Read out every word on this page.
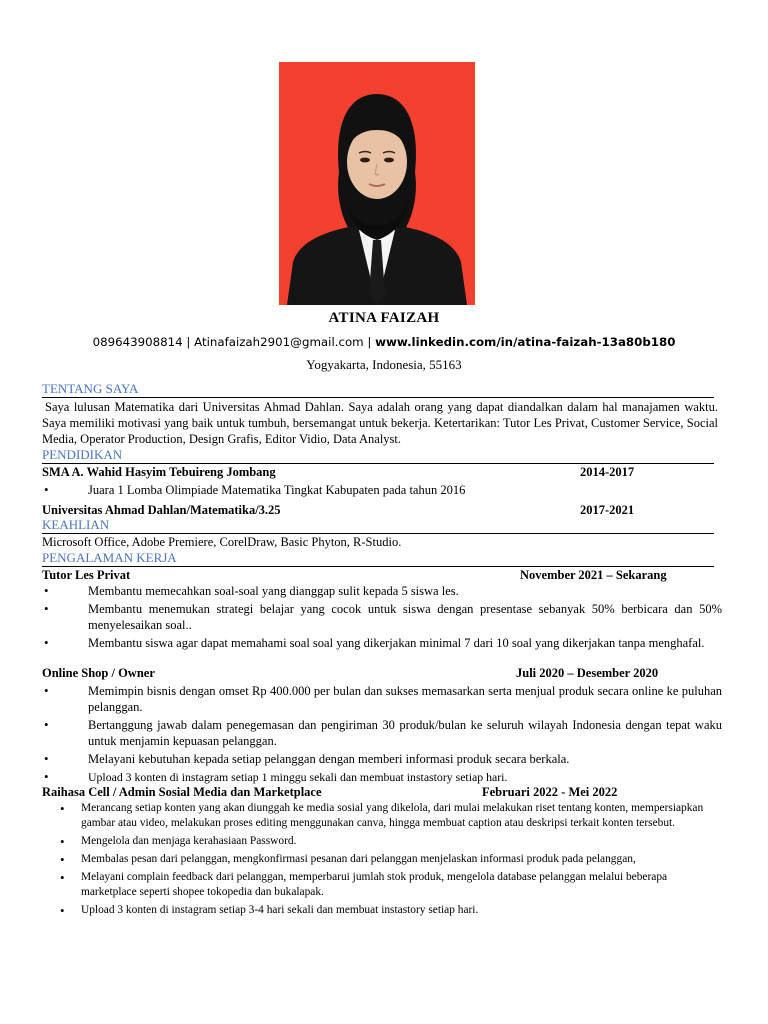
ATINA FAIZAH
089643908814 | Atinafaizah2901@gmail.com | www.linkedin.com/in/atina-faizah-13a80b180
Yogyakarta, Indonesia, 55163
TENTANG SAYA
Saya lulusan Matematika dari Universitas Ahmad Dahlan. Saya adalah orang yang dapat diandalkan dalam hal manajamen waktu. Saya memiliki motivasi yang baik untuk tumbuh, bersemangat untuk bekerja. Ketertarikan: Tutor Les Privat, Customer Service, Social Media, Operator Production, Design Grafis, Editor Vidio, Data Analyst.
PENDIDIKAN
SMA A. Wahid Hasyim Tebuireng Jombang	2014-2017
• Juara 1 Lomba Olimpiade Matematika Tingkat Kabupaten pada tahun 2016
Universitas Ahmad Dahlan/Matematika/3.25	2017-2021
KEAHLIAN
Microsoft Office, Adobe Premiere, CorelDraw, Basic Phyton, R-Studio.
PENGALAMAN KERJA
Tutor Les Privat	November 2021 – Sekarang
• Membantu memecahkan soal-soal yang dianggap sulit kepada 5 siswa les.
• Membantu menemukan strategi belajar yang cocok untuk siswa dengan presentase sebanyak 50% berbicara dan 50% menyelesaikan soal..
• Membantu siswa agar dapat memahami soal soal yang dikerjakan minimal 7 dari 10 soal yang dikerjakan tanpa menghafal.
Online Shop / Owner	Juli 2020 – Desember 2020
• Memimpin bisnis dengan omset Rp 400.000 per bulan dan sukses memasarkan serta menjual produk secara online ke puluhan pelanggan.
• Bertanggung jawab dalam penegemasan dan pengiriman 30 produk/bulan ke seluruh wilayah Indonesia dengan tepat waku untuk menjamin kepuasan pelanggan.
• Melayani kebutuhan kepada setiap pelanggan dengan memberi informasi produk secara berkala.
• Upload 3 konten di instagram setiap 1 minggu sekali dan membuat instastory setiap hari.
Raihasa Cell / Admin Sosial Media dan Marketplace	Februari 2022 - Mei 2022
• Merancang setiap konten yang akan diunggah ke media sosial yang dikelola, dari mulai melakukan riset tentang konten, mempersiapkan gambar atau video, melakukan proses editing menggunakan canva, hingga membuat caption atau deskripsi terkait konten tersebut.
• Mengelola dan menjaga kerahasiaan Password.
• Membalas pesan dari pelanggan, mengkonfirmasi pesanan dari pelanggan menjelaskan informasi produk pada pelanggan,
• Melayani complain feedback dari pelanggan, memperbarui jumlah stok produk, mengelola database pelanggan melalui beberapa marketplace seperti shopee tokopedia dan bukalapak.
• Upload 3 konten di instagram setiap 3-4 hari sekali dan membuat instastory setiap hari.
